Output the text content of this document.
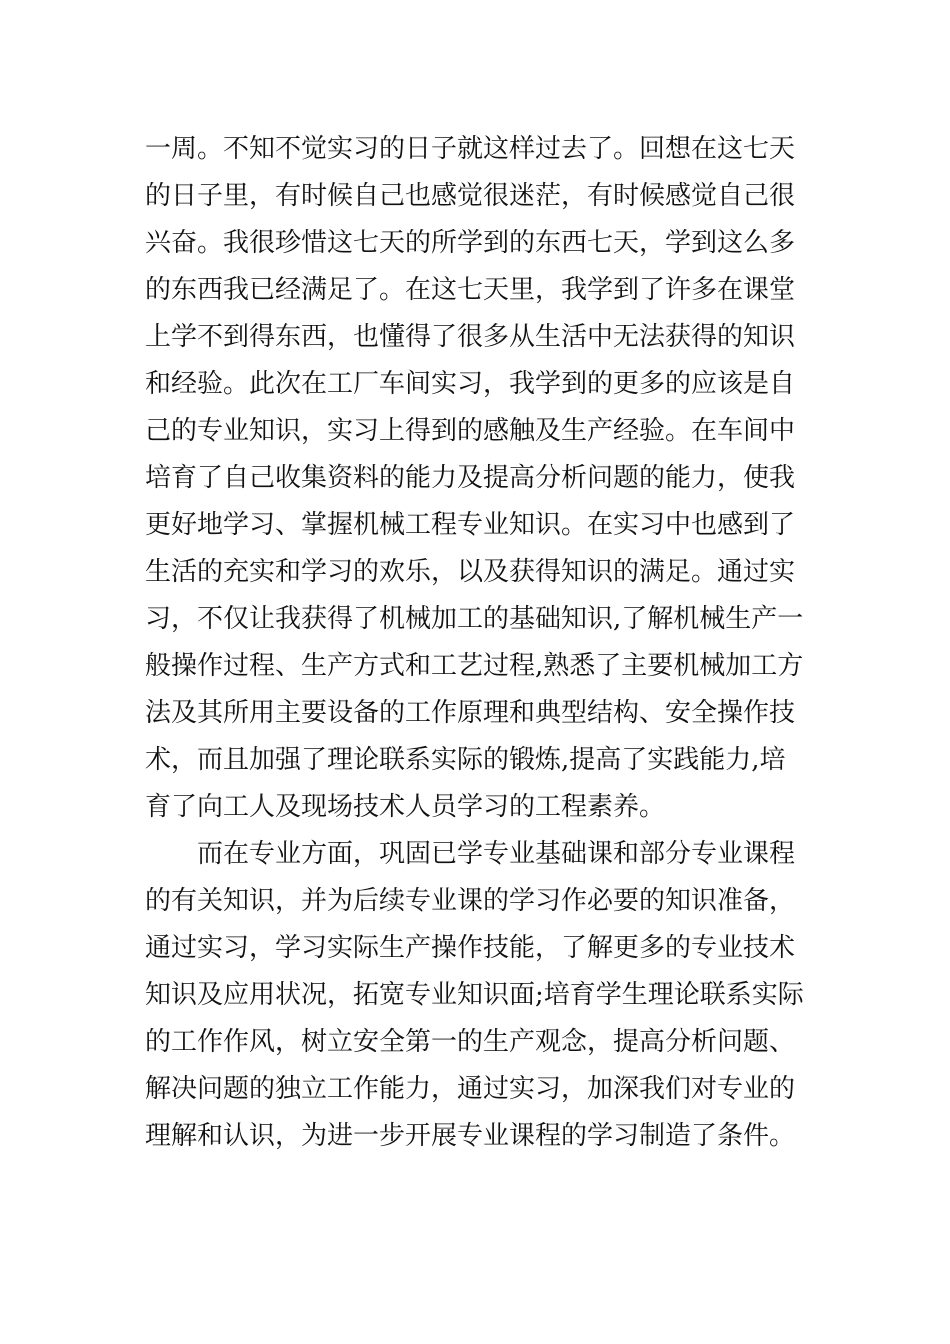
一周。不知不觉实习的日子就这样过去了。回想在这七天
的日子里，有时候自己也感觉很迷茫，有时候感觉自己很
兴奋。我很珍惜这七天的所学到的东西七天，学到这么多
的东西我已经满足了。在这七天里，我学到了许多在课堂
上学不到得东西，也懂得了很多从生活中无法获得的知识
和经验。此次在工厂车间实习，我学到的更多的应该是自
己的专业知识，实习上得到的感触及生产经验。在车间中
培育了自己收集资料的能力及提高分析问题的能力，使我
更好地学习、掌握机械工程专业知识。在实习中也感到了
生活的充实和学习的欢乐，以及获得知识的满足。通过实
习，不仅让我获得了机械加工的基础知识,了解机械生产一
般操作过程、生产方式和工艺过程,熟悉了主要机械加工方
法及其所用主要设备的工作原理和典型结构、安全操作技
术，而且加强了理论联系实际的锻炼,提高了实践能力,培
育了向工人及现场技术人员学习的工程素养。
而在专业方面，巩固已学专业基础课和部分专业课程
的有关知识，并为后续专业课的学习作必要的知识准备，
通过实习，学习实际生产操作技能，了解更多的专业技术
知识及应用状况，拓宽专业知识面;培育学生理论联系实际
的工作作风，树立安全第一的生产观念，提高分析问题、
解决问题的独立工作能力，通过实习，加深我们对专业的
理解和认识，为进一步开展专业课程的学习制造了条件。
